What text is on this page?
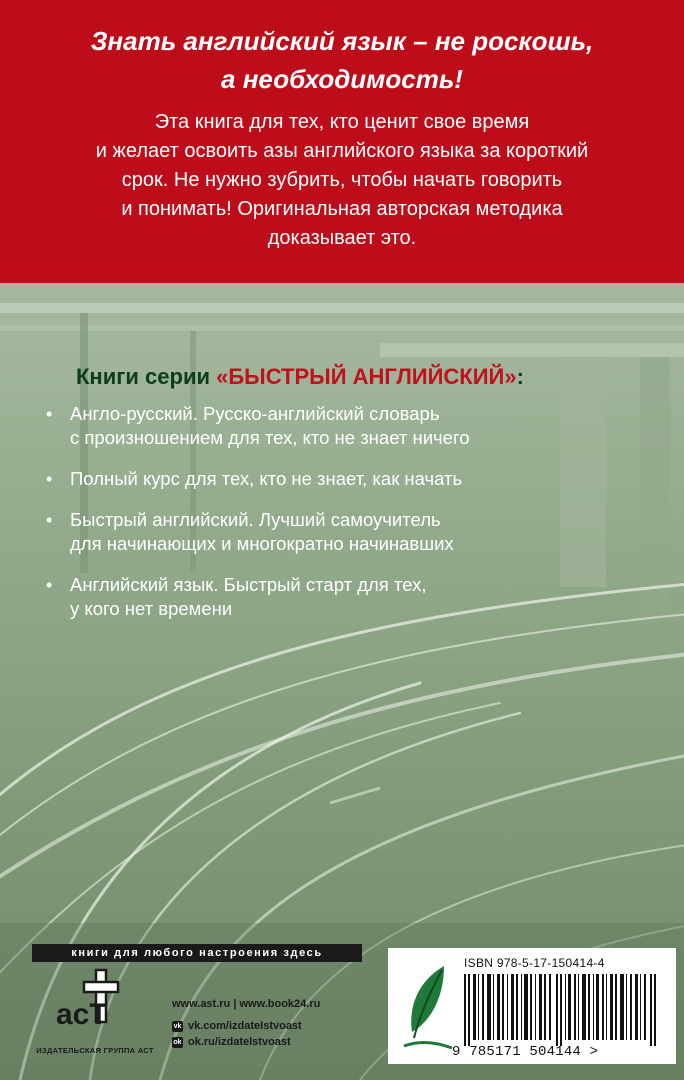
Знать английский язык – не роскошь,
а необходимость!
Эта книга для тех, кто ценит свое время
и желает освоить азы английского языка за короткий
срок. Не нужно зубрить, чтобы начать говорить
и понимать! Оригинальная авторская методика
доказывает это.
Книги серии «БЫСТРЫЙ АНГЛИЙСКИЙ»:
• Англо-русский. Русско-английский словарь
с произношением для тех, кто не знает ничего
• Полный курс для тех, кто не знает, как начать
• Быстрый английский. Лучший самоучитель
для начинающих и многократно начинавших
• Английский язык. Быстрый старт для тех,
у кого нет времени
книги для любого настроения здесь
acT
ИЗДАТЕЛЬСКАЯ ГРУППА АСТ
www.ast.ru | www.book24.ru
vk vk.com/izdatelstvoast
ok ok.ru/izdatelstvoast
ISBN 978-5-17-150414-4
9 785171 504144 >
